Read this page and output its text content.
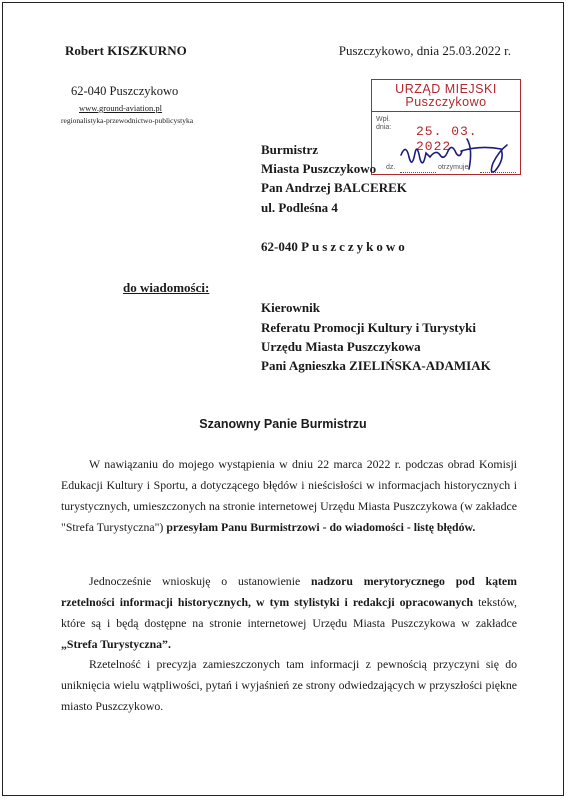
Robert KISZKURNO	Puszczykowo, dnia 25.03.2022 r.
62-040 Puszczykowo
www.ground-aviation.pl
regionalistyka-przewodnictwo-publicystyka
URZĄD MIEJSKI
Puszczykowo
Wpł.
dnia: 25. 03. 2022
dz.	otrzymuje
Burmistrz
Miasta Puszczykowo
Pan Andrzej BALCEREK
ul. Podleśna 4
62-040 Puszczykowo
do wiadomości:
Kierownik
Referatu Promocji Kultury i Turystyki
Urzędu Miasta Puszczykowa
Pani Agnieszka ZIELIŃSKA-ADAMIAK
Szanowny Panie Burmistrzu
W nawiązaniu do mojego wystąpienia w dniu 22 marca 2022 r. podczas obrad Komisji Edukacji Kultury i Sportu, a dotyczącego błędów i nieścisłości w informacjach historycznych i turystycznych, umieszczonych na stronie internetowej Urzędu Miasta Puszczykowa (w zakładce "Strefa Turystyczna") przesyłam Panu Burmistrzowi - do wiadomości - listę błędów.
Jednocześnie wnioskuję o ustanowienie nadzoru merytorycznego pod kątem rzetelności informacji historycznych, w tym stylistyki i redakcji opracowanych tekstów, które są i będą dostępne na stronie internetowej Urzędu Miasta Puszczykowa w zakładce „Strefa Turystyczna”.
Rzetelność i precyzja zamieszczonych tam informacji z pewnością przyczyni się do uniknięcia wielu wątpliwości, pytań i wyjaśnień ze strony odwiedzających w przyszłości piękne miasto Puszczykowo.
